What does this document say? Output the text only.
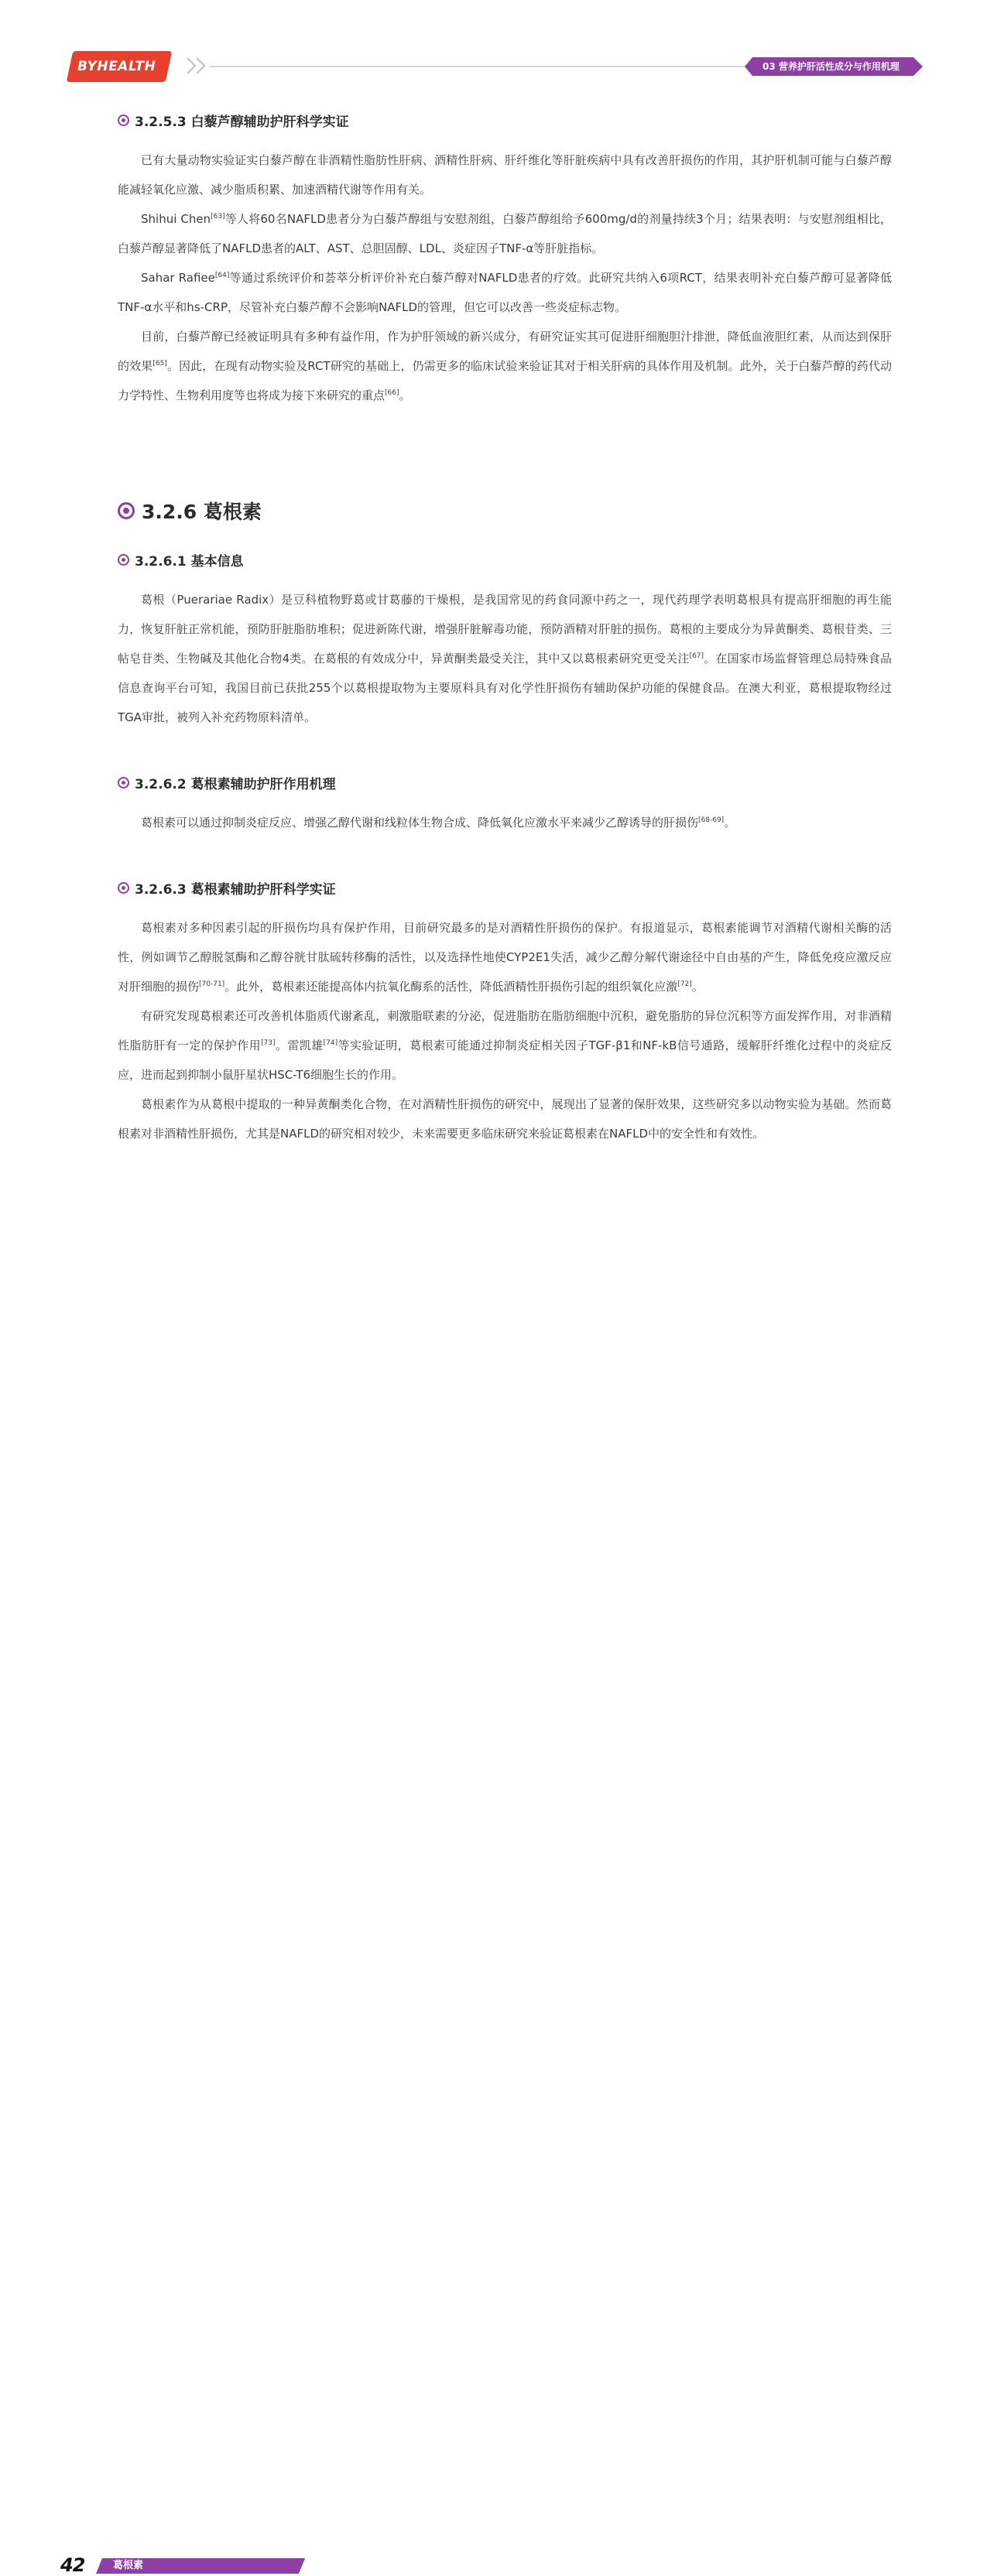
BYHEALTH	03 营养护肝活性成分与作用机理
3.2.5.3 白藜芦醇辅助护肝科学实证

已有大量动物实验证实白藜芦醇在非酒精性脂肪性肝病、酒精性肝病、肝纤维化等肝脏疾病中具有改善肝损伤的作用，其护肝机制可能与白藜芦醇能减轻氧化应激、减少脂质积累、加速酒精代谢等作用有关。

Shihui Chen[63]等人将60名NAFLD患者分为白藜芦醇组与安慰剂组，白藜芦醇组给予600mg/d的剂量持续3个月；结果表明：与安慰剂组相比，白藜芦醇显著降低了NAFLD患者的ALT、AST、总胆固醇、LDL、炎症因子TNF-α等肝脏指标。

Sahar Rafiee[64]等通过系统评价和荟萃分析评价补充白藜芦醇对NAFLD患者的疗效。此研究共纳入6项RCT，结果表明补充白藜芦醇可显著降低TNF-α水平和hs-CRP，尽管补充白藜芦醇不会影响NAFLD的管理，但它可以改善一些炎症标志物。

目前，白藜芦醇已经被证明具有多种有益作用，作为护肝领域的新兴成分，有研究证实其可促进肝细胞胆汁排泄，降低血液胆红素，从而达到保肝的效果[65]。因此，在现有动物实验及RCT研究的基础上，仍需更多的临床试验来验证其对于相关肝病的具体作用及机制。此外，关于白藜芦醇的药代动力学特性、生物利用度等也将成为接下来研究的重点[66]。

3.2.6 葛根素
3.2.6.1 基本信息

葛根（Puerariae Radix）是豆科植物野葛或甘葛藤的干燥根，是我国常见的药食同源中药之一，现代药理学表明葛根具有提高肝细胞的再生能力，恢复肝脏正常机能，预防肝脏脂肪堆积；促进新陈代谢，增强肝脏解毒功能，预防酒精对肝脏的损伤。葛根的主要成分为异黄酮类、葛根苷类、三帖皂苷类、生物碱及其他化合物4类。在葛根的有效成分中，异黄酮类最受关注，其中又以葛根素研究更受关注[67]。在国家市场监督管理总局特殊食品信息查询平台可知，我国目前已获批255个以葛根提取物为主要原料具有对化学性肝损伤有辅助保护功能的保健食品。在澳大利亚，葛根提取物经过TGA审批，被列入补充药物原料清单。

3.2.6.2 葛根素辅助护肝作用机理

葛根素可以通过抑制炎症反应、增强乙醇代谢和线粒体生物合成、降低氧化应激水平来减少乙醇诱导的肝损伤[68-69]。

3.2.6.3 葛根素辅助护肝科学实证

葛根素对多种因素引起的肝损伤均具有保护作用，目前研究最多的是对酒精性肝损伤的保护。有报道显示，葛根素能调节对酒精代谢相关酶的活性，例如调节乙醇脱氢酶和乙醇谷胱甘肽硫转移酶的活性，以及选择性地使CYP2E1失活，减少乙醇分解代谢途径中自由基的产生，降低免疫应激反应对肝细胞的损伤[70-71]。此外，葛根素还能提高体内抗氧化酶系的活性，降低酒精性肝损伤引起的组织氧化应激[72]。

有研究发现葛根素还可改善机体脂质代谢紊乱，刺激脂联素的分泌，促进脂肪在脂肪细胞中沉积，避免脂肪的异位沉积等方面发挥作用，对非酒精性脂肪肝有一定的保护作用[73]。雷凯雄[74]等实验证明，葛根素可能通过抑制炎症相关因子TGF-β1和NF-kB信号通路，缓解肝纤维化过程中的炎症反应，进而起到抑制小鼠肝星状HSC-T6细胞生长的作用。

葛根素作为从葛根中提取的一种异黄酮类化合物，在对酒精性肝损伤的研究中，展现出了显著的保肝效果，这些研究多以动物实验为基础。然而葛根素对非酒精性肝损伤，尤其是NAFLD的研究相对较少，未来需要更多临床研究来验证葛根素在NAFLD中的安全性和有效性。

42	葛根素
